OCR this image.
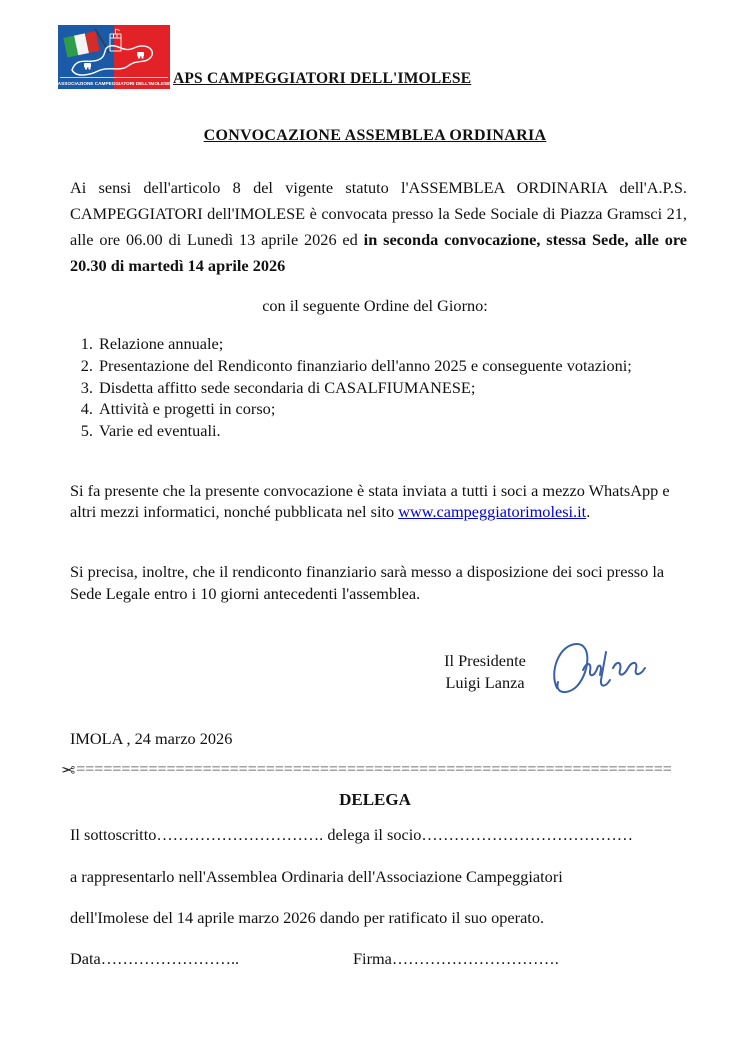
ASSOCIAZIONE CAMPEGGIATORI DELL'IMOLESE APS CAMPEGGIATORI DELL'IMOLESE
CONVOCAZIONE ASSEMBLEA ORDINARIA

Ai sensi dell'articolo 8 del vigente statuto l'ASSEMBLEA ORDINARIA dell'A.P.S. CAMPEGGIATORI dell'IMOLESE è convocata presso la Sede Sociale di Piazza Gramsci 21, alle ore 06.00 di Lunedì 13 aprile 2026 ed in seconda convocazione, stessa Sede, alle ore 20.30 di martedì 14 aprile 2026

con il seguente Ordine del Giorno:

1. Relazione annuale;
2. Presentazione del Rendiconto finanziario dell'anno 2025 e conseguente votazioni;
3. Disdetta affitto sede secondaria di CASALFIUMANESE;
4. Attività e progetti in corso;
5. Varie ed eventuali.

Si fa presente che la presente convocazione è stata inviata a tutti i soci a mezzo WhatsApp e altri mezzi informatici, nonché pubblicata nel sito www.campeggiatorimolesi.it.

Si precisa, inoltre, che il rendiconto finanziario sarà messo a disposizione dei soci presso la Sede Legale entro i 10 giorni antecedenti l'assemblea.

Il Presidente
Luigi Lanza
IMOLA , 24 marzo 2026
✂==================================================================
DELEGA
Il sottoscritto…………………………. delega il socio…………………………………
a rappresentarlo nell'Assemblea Ordinaria dell'Associazione Campeggiatori
dell'Imolese del 14 aprile marzo 2026 dando per ratificato il suo operato.
Data……………………..	Firma………………………….
